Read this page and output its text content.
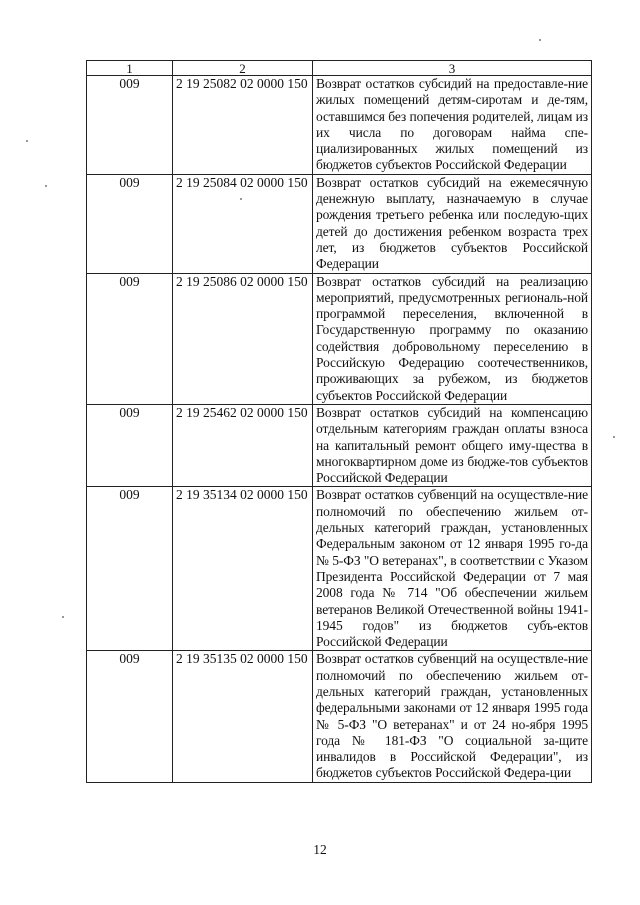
1	2	3
009	2 19 25082 02 0000 150	Возврат остатков субсидий на предоставле-ние жилых помещений детям-сиротам и де-тям, оставшимся без попечения родителей, лицам из их числа по договорам найма спе-циализированных жилых помещений из бюджетов субъектов Российской Федерации
009	2 19 25084 02 0000 150	Возврат остатков субсидий на ежемесячную денежную выплату, назначаемую в случае рождения третьего ребенка или последую-щих детей до достижения ребенком возраста трех лет, из бюджетов субъектов Российской Федерации
009	2 19 25086 02 0000 150	Возврат остатков субсидий на реализацию мероприятий, предусмотренных региональ-ной программой переселения, включенной в Государственную программу по оказанию содействия добровольному переселению в Российскую Федерацию соотечественников, проживающих за рубежом, из бюджетов субъектов Российской Федерации
009	2 19 25462 02 0000 150	Возврат остатков субсидий на компенсацию отдельным категориям граждан оплаты взноса на капитальный ремонт общего иму-щества в многоквартирном доме из бюдже-тов субъектов Российской Федерации
009	2 19 35134 02 0000 150	Возврат остатков субвенций на осуществле-ние полномочий по обеспечению жильем от-дельных категорий граждан, установленных Федеральным законом от 12 января 1995 го-да № 5-ФЗ "О ветеранах", в соответствии с Указом Президента Российской Федерации от 7 мая 2008 года № 714 "Об обеспечении жильем ветеранов Великой Отечественной войны 1941-1945 годов" из бюджетов субъ-ектов Российской Федерации
009	2 19 35135 02 0000 150	Возврат остатков субвенций на осуществле-ние полномочий по обеспечению жильем от-дельных категорий граждан, установленных федеральными законами от 12 января 1995 года № 5-ФЗ "О ветеранах" и от 24 но-ября 1995 года № 181-ФЗ "О социальной за-щите инвалидов в Российской Федерации", из бюджетов субъектов Российской Федера-ции
12
